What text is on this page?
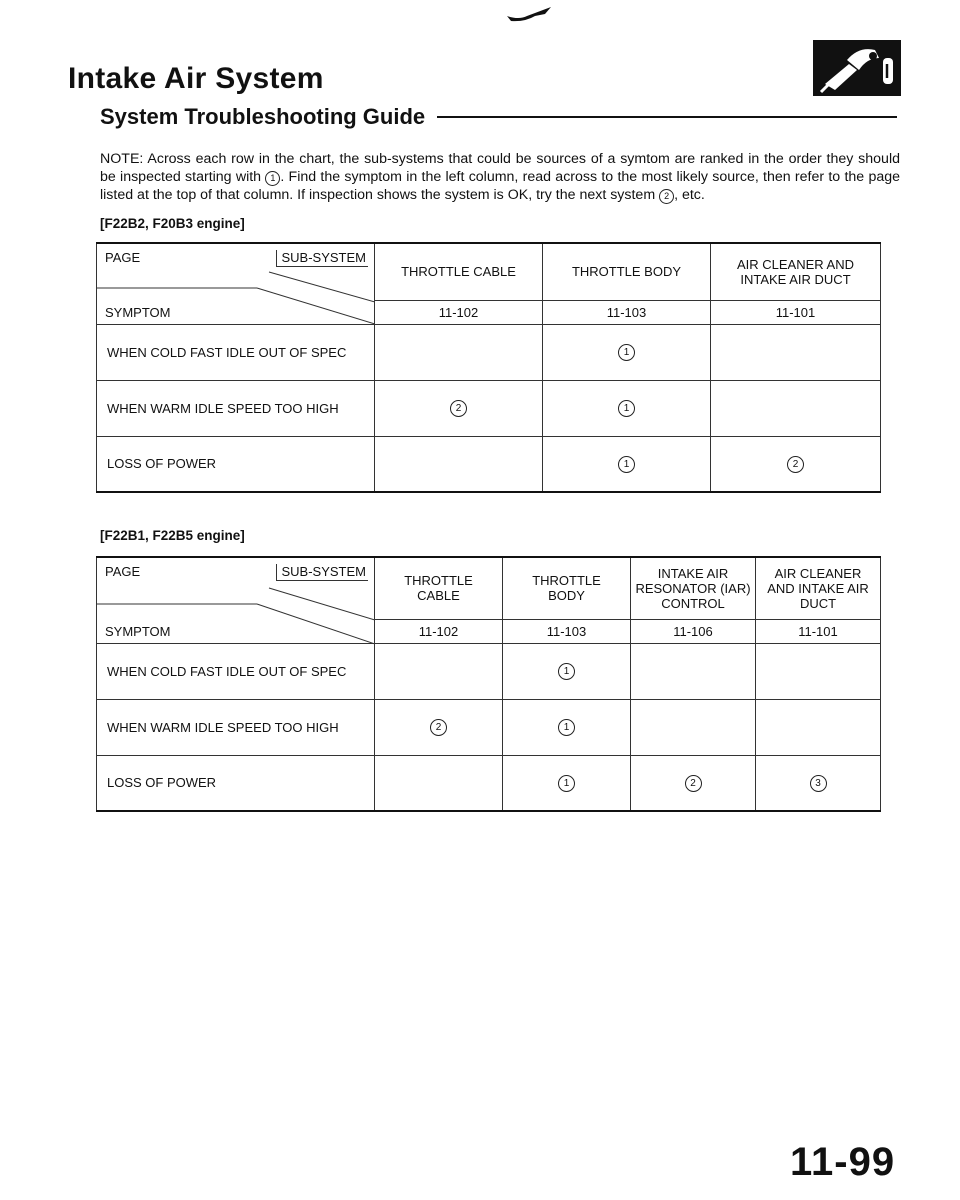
Intake Air System
System Troubleshooting Guide

NOTE: Across each row in the chart, the sub-systems that could be sources of a symtom are ranked in the order they should be inspected starting with 1 . Find the symptom in the left column, read across to the most likely source, then refer to the page listed at the top of that column. If inspection shows the system is OK, try the next system 2 , etc.

[F22B2, F20B3 engine]
PAGE SUB-SYSTEM
SYMPTOM	THROTTLE CABLE	THROTTLE BODY	AIR CLEANER AND INTAKE AIR DUCT
	11-102	11-103	11-101
WHEN COLD FAST IDLE OUT OF SPEC		1	
WHEN WARM IDLE SPEED TOO HIGH	2	1	
LOSS OF POWER		1	2
[F22B1, F22B5 engine]
PAGE SUB-SYSTEM
SYMPTOM	THROTTLE CABLE	THROTTLE BODY	INTAKE AIR RESONATOR (IAR) CONTROL	AIR CLEANER AND INTAKE AIR DUCT
	11-102	11-103	11-106	11-101
WHEN COLD FAST IDLE OUT OF SPEC		1		
WHEN WARM IDLE SPEED TOO HIGH	2	1		
LOSS OF POWER		1	2	3
11-99
